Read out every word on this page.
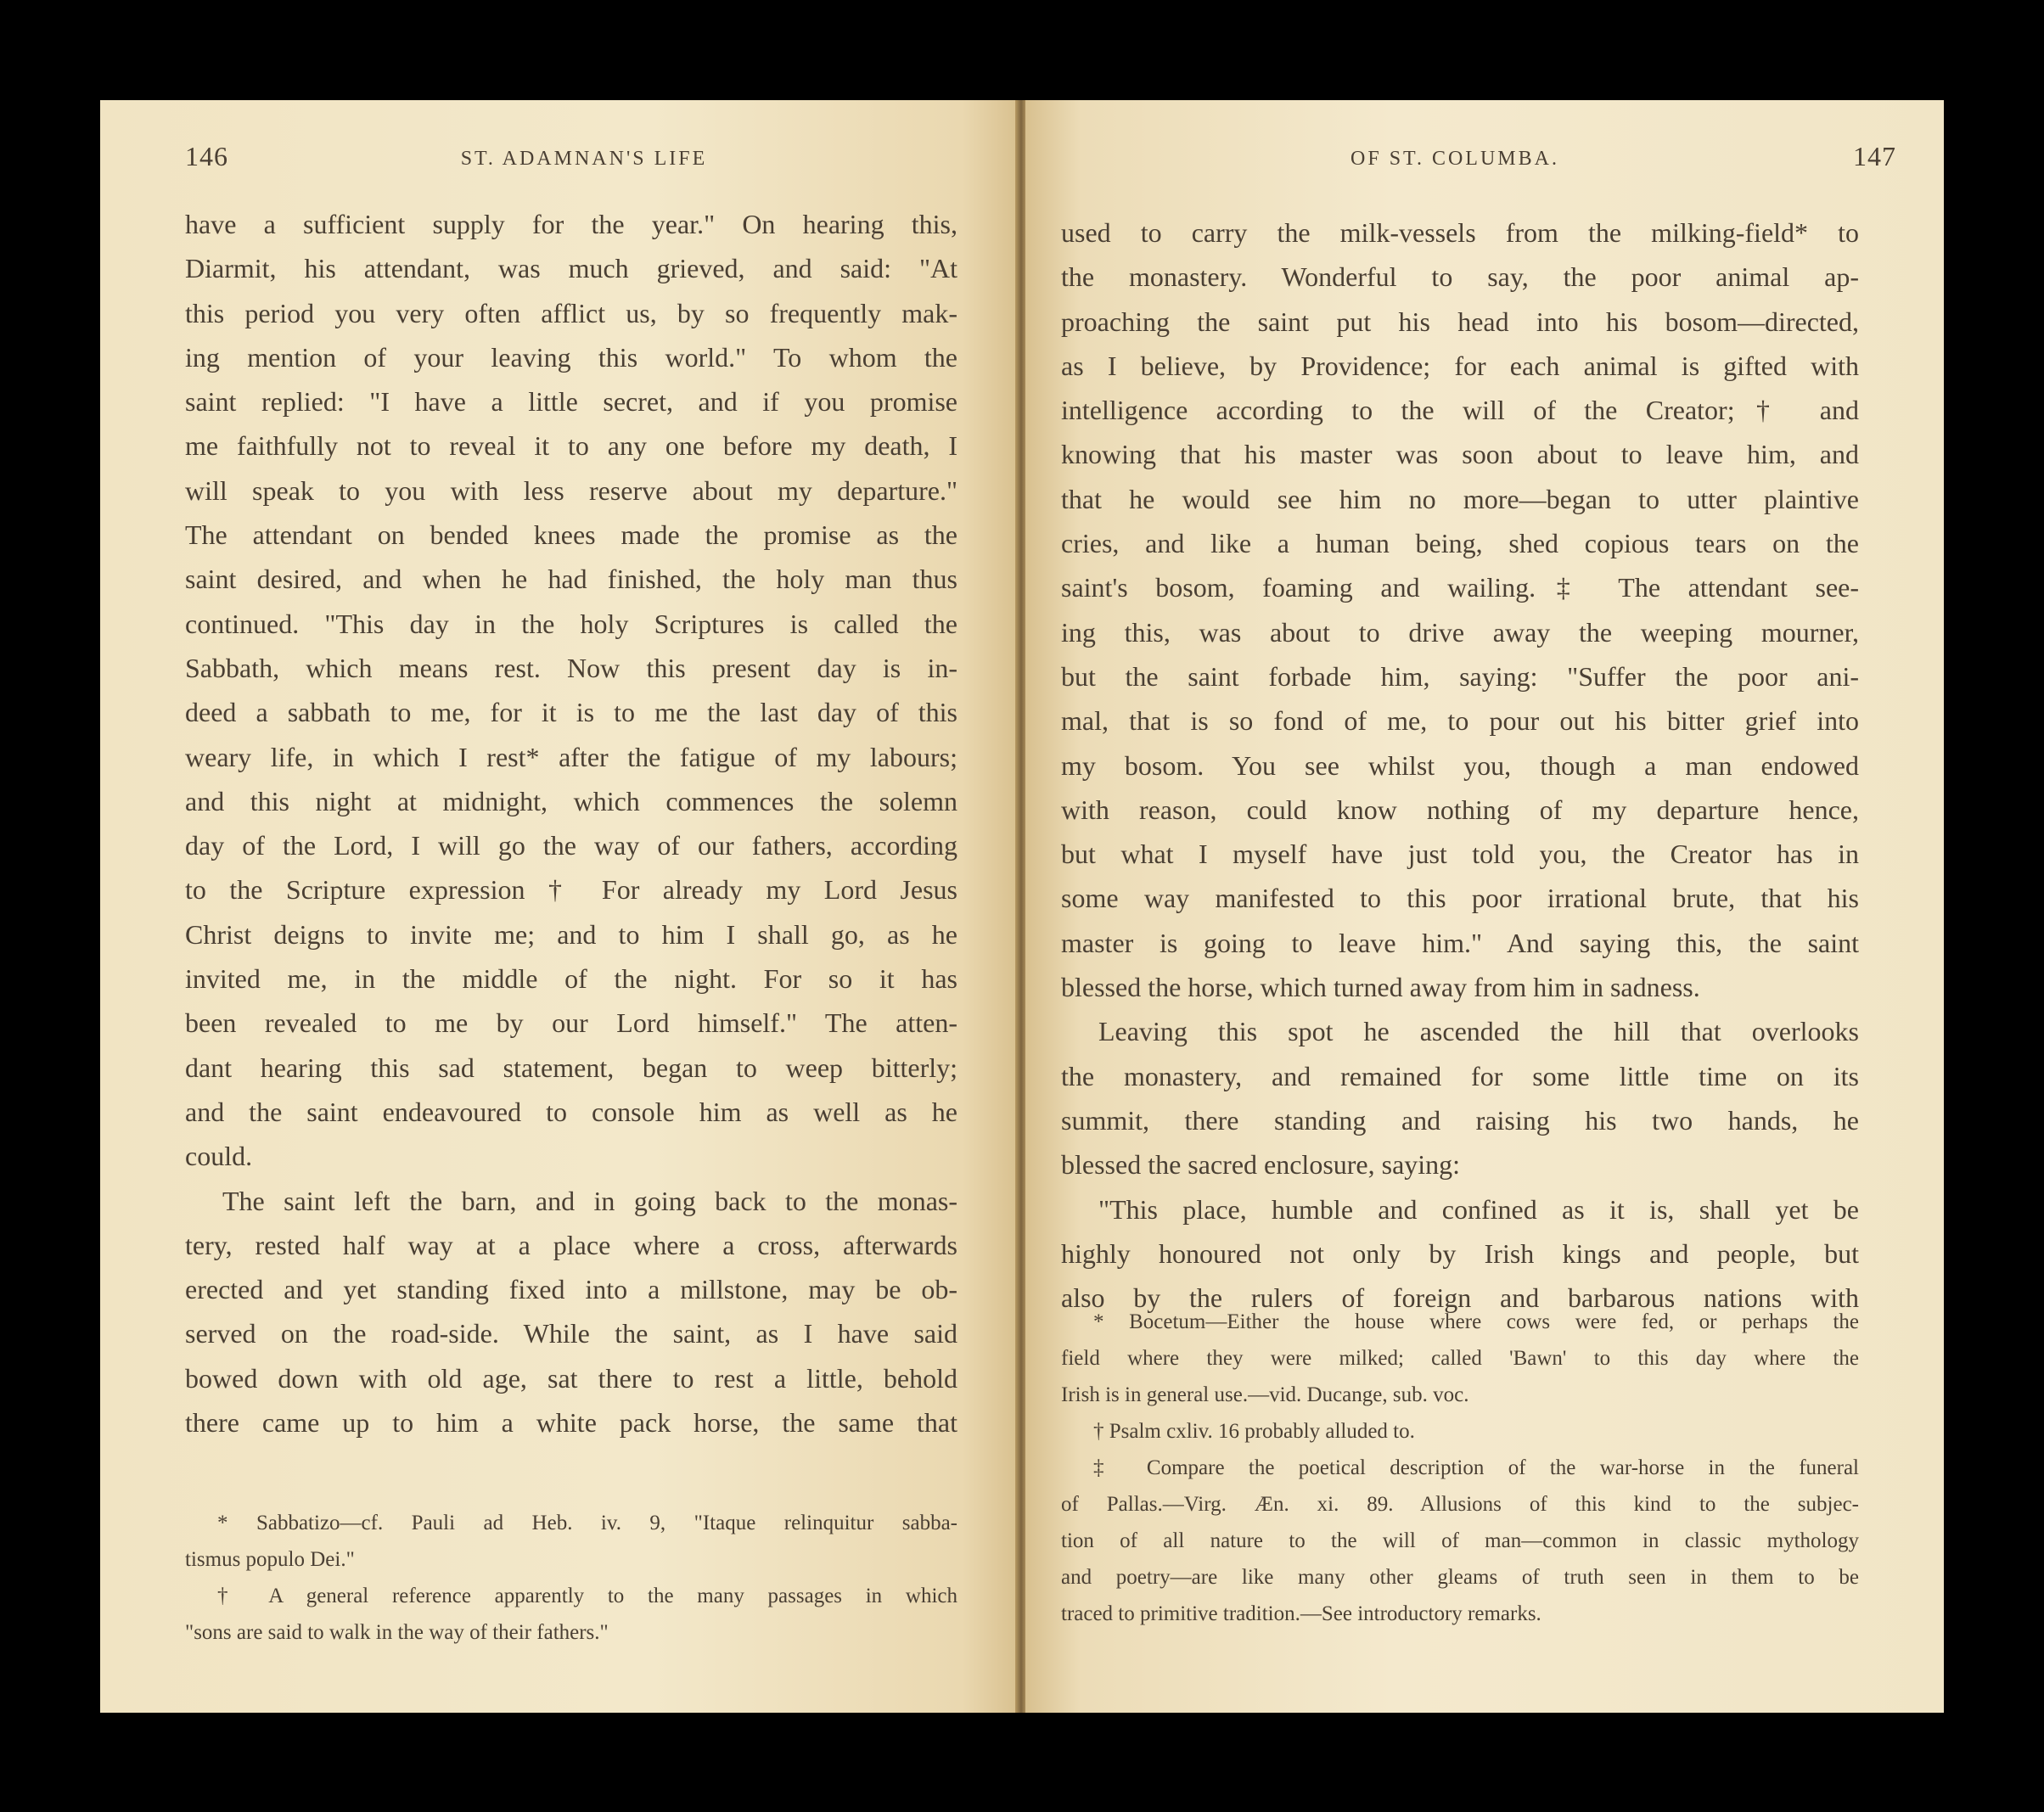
146	ST. ADAMNAN'S LIFE
have a sufficient supply for the year." On hearing this,
Diarmit, his attendant, was much grieved, and said: "At
this period you very often afflict us, by so frequently mak-
ing mention of your leaving this world." To whom the
saint replied: "I have a little secret, and if you promise
me faithfully not to reveal it to any one before my death, I
will speak to you with less reserve about my departure."
The attendant on bended knees made the promise as the
saint desired, and when he had finished, the holy man thus
continued. "This day in the holy Scriptures is called the
Sabbath, which means rest. Now this present day is in-
deed a sabbath to me, for it is to me the last day of this
weary life, in which I rest* after the fatigue of my labours;
and this night at midnight, which commences the solemn
day of the Lord, I will go the way of our fathers, according
to the Scripture expression † For already my Lord Jesus
Christ deigns to invite me; and to him I shall go, as he
invited me, in the middle of the night. For so it has
been revealed to me by our Lord himself." The atten-
dant hearing this sad statement, began to weep bitterly;
and the saint endeavoured to console him as well as he
could.
The saint left the barn, and in going back to the monas-
tery, rested half way at a place where a cross, afterwards
erected and yet standing fixed into a millstone, may be ob-
served on the road-side. While the saint, as I have said
bowed down with old age, sat there to rest a little, behold
there came up to him a white pack horse, the same that
* Sabbatizo—cf. Pauli ad Heb. iv. 9, "Itaque relinquitur sabba-
tismus populo Dei."
† A general reference apparently to the many passages in which
"sons are said to walk in the way of their fathers."
OF ST. COLUMBA.	147
used to carry the milk-vessels from the milking-field* to
the monastery. Wonderful to say, the poor animal ap-
proaching the saint put his head into his bosom—directed,
as I believe, by Providence; for each animal is gifted with
intelligence according to the will of the Creator;† and
knowing that his master was soon about to leave him, and
that he would see him no more—began to utter plaintive
cries, and like a human being, shed copious tears on the
saint's bosom, foaming and wailing.‡ The attendant see-
ing this, was about to drive away the weeping mourner,
but the saint forbade him, saying: "Suffer the poor ani-
mal, that is so fond of me, to pour out his bitter grief into
my bosom. You see whilst you, though a man endowed
with reason, could know nothing of my departure hence,
but what I myself have just told you, the Creator has in
some way manifested to this poor irrational brute, that his
master is going to leave him." And saying this, the saint
blessed the horse, which turned away from him in sadness.
Leaving this spot he ascended the hill that overlooks
the monastery, and remained for some little time on its
summit, there standing and raising his two hands, he
blessed the sacred enclosure, saying:
"This place, humble and confined as it is, shall yet be
highly honoured not only by Irish kings and people, but
also by the rulers of foreign and barbarous nations with
* Bocetum—Either the house where cows were fed, or perhaps the
field where they were milked; called 'Bawn' to this day where the
Irish is in general use.—vid. Ducange, sub. voc.
† Psalm cxliv. 16 probably alluded to.
‡ Compare the poetical description of the war-horse in the funeral
of Pallas.—Virg. Æn. xi. 89. Allusions of this kind to the subjec-
tion of all nature to the will of man—common in classic mythology
and poetry—are like many other gleams of truth seen in them to be
traced to primitive tradition.—See introductory remarks.
